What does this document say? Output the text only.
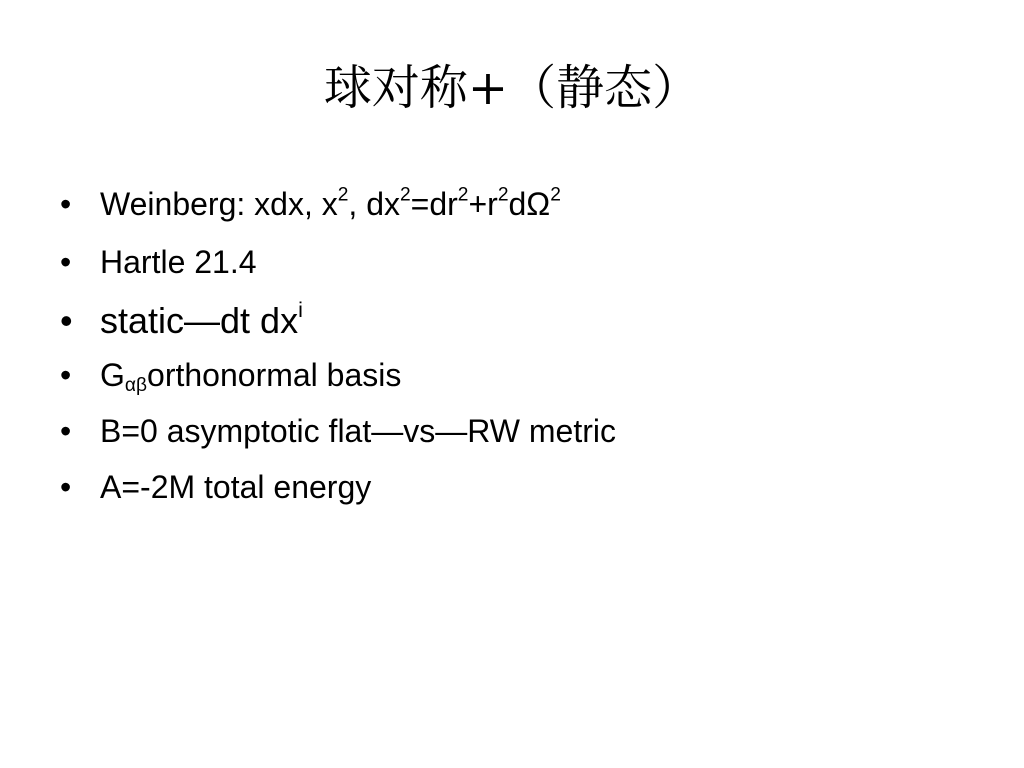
球对称+（静态）
• Weinberg: xdx, $x^2$, $dx^2=dr^2+r^2d\Omega^2$
• Hartle 21.4
• static—dt $dx^i$
• $G_{\alpha\beta}orthonormal$ basis
• B=0 asymptotic flat—vs—RW metric
• A=-2M total energy
